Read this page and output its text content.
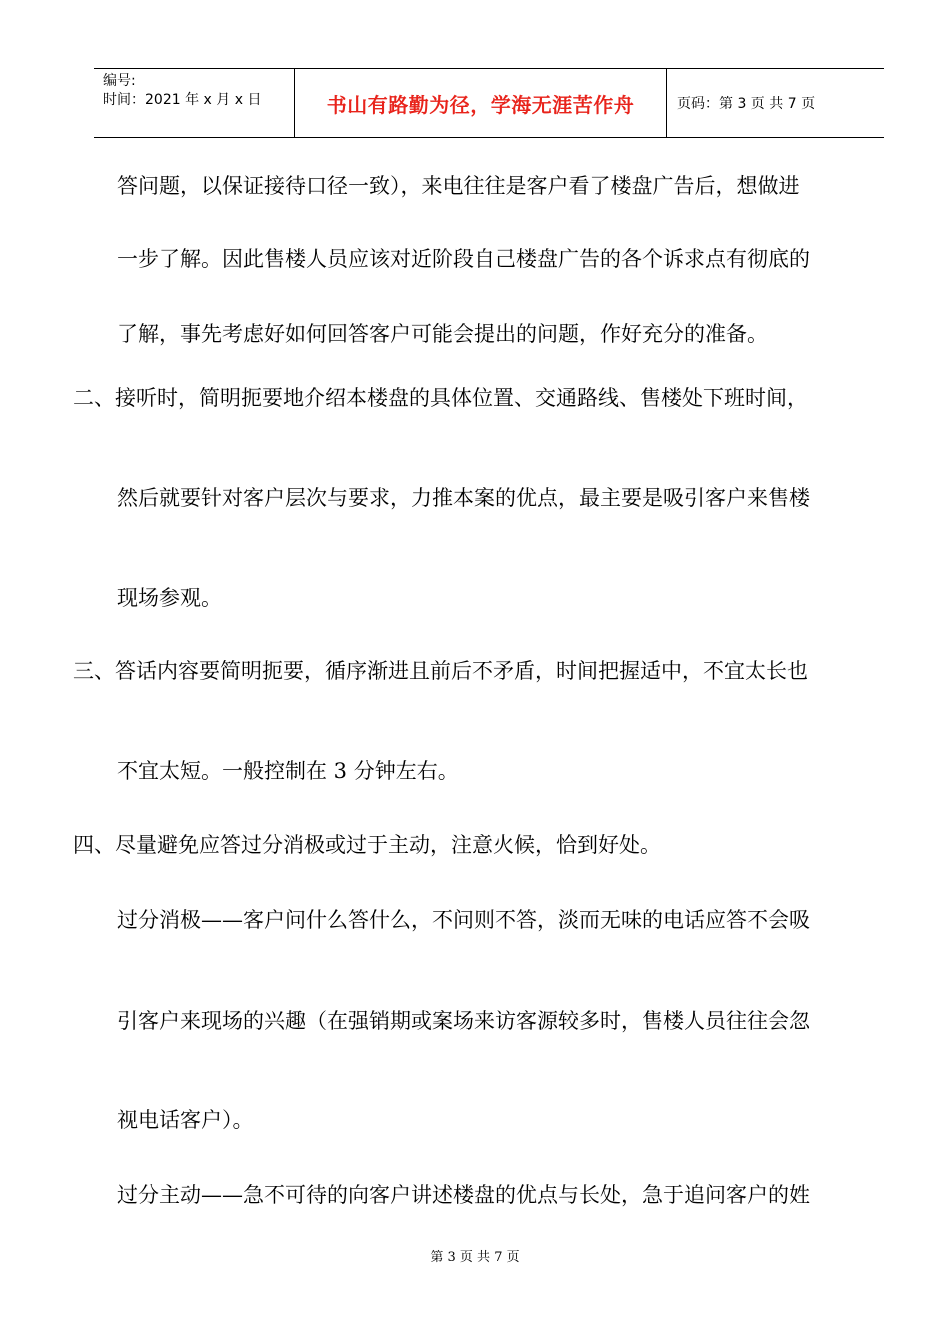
编号:
时间：2021 年 x 月 x 日	书山有路勤为径，学海无涯苦作舟	页码：第 3 页 共 7 页
答问题，以保证接待口径一致），来电往往是客户看了楼盘广告后，想做进
一步了解。因此售楼人员应该对近阶段自己楼盘广告的各个诉求点有彻底的
了解，事先考虑好如何回答客户可能会提出的问题，作好充分的准备。
二、接听时，简明扼要地介绍本楼盘的具体位置、交通路线、售楼处下班时间，
然后就要针对客户层次与要求，力推本案的优点，最主要是吸引客户来售楼
现场参观。
三、答话内容要简明扼要，循序渐进且前后不矛盾，时间把握适中，不宜太长也
不宜太短。一般控制在 3 分钟左右。
四、尽量避免应答过分消极或过于主动，注意火候，恰到好处。
过分消极——客户问什么答什么，不问则不答，淡而无味的电话应答不会吸
引客户来现场的兴趣（在强销期或案场来访客源较多时，售楼人员往往会忽
视电话客户）。
过分主动——急不可待的向客户讲述楼盘的优点与长处，急于追问客户的姓
第 3 页 共 7 页
